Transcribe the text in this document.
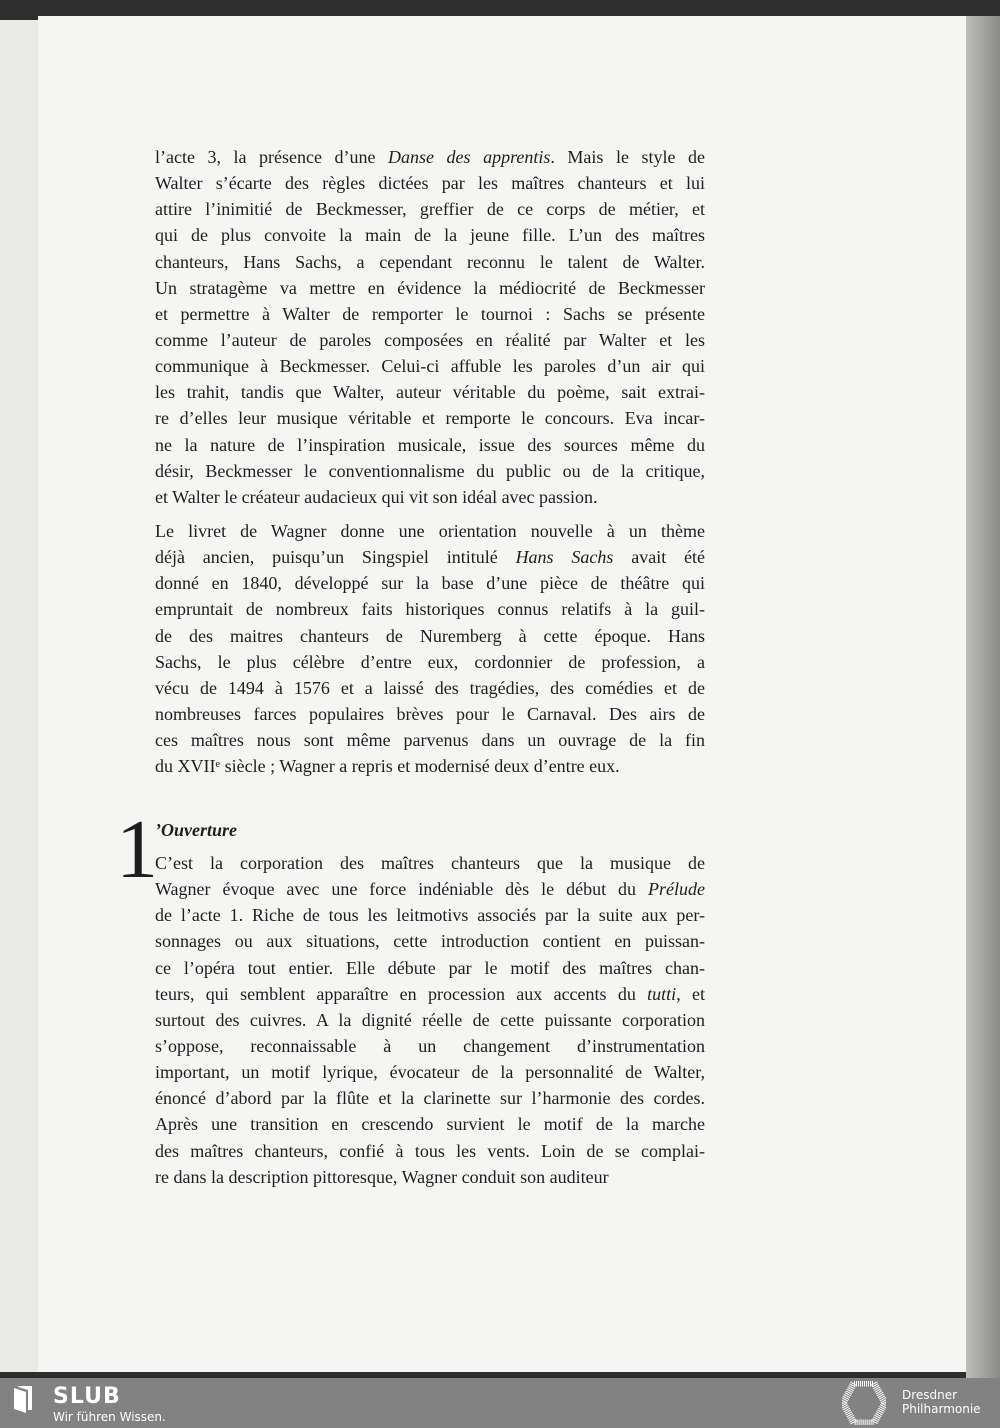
l’acte 3, la présence d’une Danse des apprentis. Mais le style de
Walter s’écarte des règles dictées par les maîtres chanteurs et lui
attire l’inimitié de Beckmesser, greffier de ce corps de métier, et
qui de plus convoite la main de la jeune fille. L’un des maîtres
chanteurs, Hans Sachs, a cependant reconnu le talent de Walter.
Un stratagème va mettre en évidence la médiocrité de Beckmesser
et permettre à Walter de remporter le tournoi : Sachs se présente
comme l’auteur de paroles composées en réalité par Walter et les
communique à Beckmesser. Celui-ci affuble les paroles d’un air qui
les trahit, tandis que Walter, auteur véritable du poème, sait extrai-
re d’elles leur musique véritable et remporte le concours. Eva incar-
ne la nature de l’inspiration musicale, issue des sources même du
désir, Beckmesser le conventionnalisme du public ou de la critique,
et Walter le créateur audacieux qui vit son idéal avec passion.
Le livret de Wagner donne une orientation nouvelle à un thème
déjà ancien, puisqu’un Singspiel intitulé Hans Sachs avait été
donné en 1840, développé sur la base d’une pièce de théâtre qui
empruntait de nombreux faits historiques connus relatifs à la guil-
de des maitres chanteurs de Nuremberg à cette époque. Hans
Sachs, le plus célèbre d’entre eux, cordonnier de profession, a
vécu de 1494 à 1576 et a laissé des tragédies, des comédies et de
nombreuses farces populaires brèves pour le Carnaval. Des airs de
ces maîtres nous sont même parvenus dans un ouvrage de la fin
du XVIIᵉ siècle ; Wagner a repris et modernisé deux d’entre eux.
1
’Ouverture
C’est la corporation des maîtres chanteurs que la musique de
Wagner évoque avec une force indéniable dès le début du Prélude
de l’acte 1. Riche de tous les leitmotivs associés par la suite aux per-
sonnages ou aux situations, cette introduction contient en puissan-
ce l’opéra tout entier. Elle débute par le motif des maîtres chan-
teurs, qui semblent apparaître en procession aux accents du tutti, et
surtout des cuivres. A la dignité réelle de cette puissante corporation
s’oppose, reconnaissable à un changement d’instrumentation
important, un motif lyrique, évocateur de la personnalité de Walter,
énoncé d’abord par la flûte et la clarinette sur l’harmonie des cordes.
Après une transition en crescendo survient le motif de la marche
des maîtres chanteurs, confié à tous les vents. Loin de se complai-
re dans la description pittoresque, Wagner conduit son auditeur
SLUB
Wir führen Wissen.
Dresdner
Philharmonie
